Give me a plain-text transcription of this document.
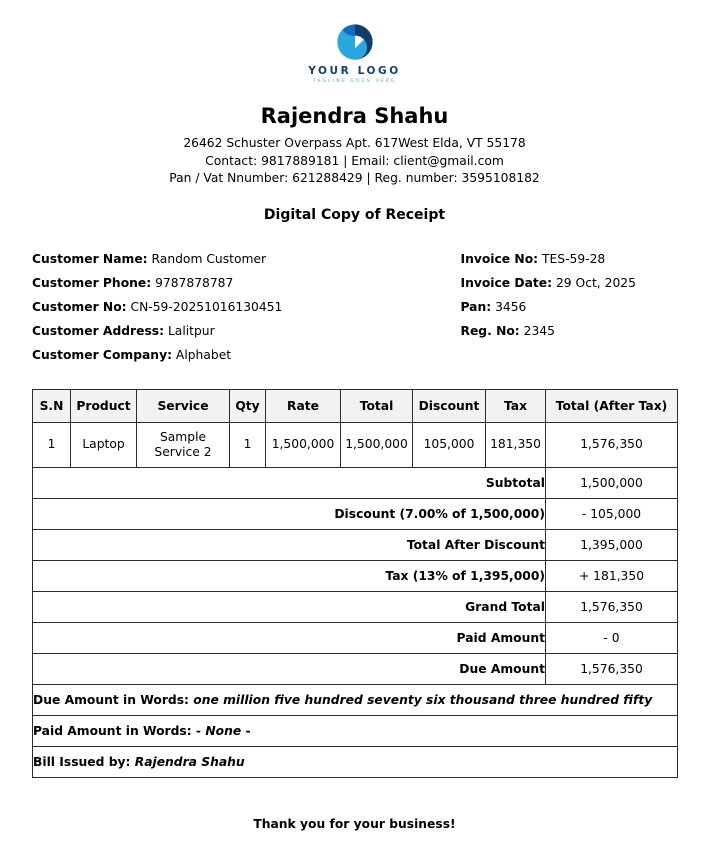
YOUR LOGO
TAGLINE GOES HERE
Rajendra Shahu
26462 Schuster Overpass Apt. 617West Elda, VT 55178
Contact: 9817889181 | Email: client@gmail.com
Pan / Vat Nnumber: 621288429 | Reg. number: 3595108182
Digital Copy of Receipt
Customer Name: Random Customer
Customer Phone: 9787878787
Customer No: CN-59-20251016130451
Customer Address: Lalitpur
Customer Company: Alphabet
Invoice No: TES-59-28
Invoice Date: 29 Oct, 2025
Pan: 3456
Reg. No: 2345
S.N	Product	Service	Qty	Rate	Total	Discount	Tax	Total (After Tax)
1	Laptop	Sample Service 2	1	1,500,000	1,500,000	105,000	181,350	1,576,350
Subtotal								1,500,000
Discount (7.00% of 1,500,000)								- 105,000
Total After Discount								1,395,000
Tax (13% of 1,395,000)								+ 181,350
Grand Total								1,576,350
Paid Amount								- 0
Due Amount								1,576,350
Due Amount in Words: one million five hundred seventy six thousand three hundred fifty								
Paid Amount in Words: - None -								
Bill Issued by: Rajendra Shahu								
Thank you for your business!
